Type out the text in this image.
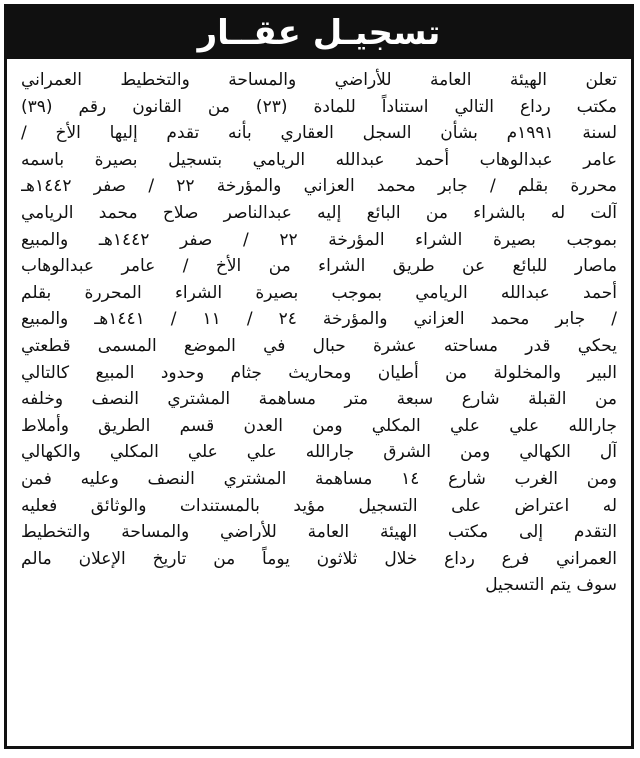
تسجيـل عقــار
تعلن الهيئة العامة للأراضي والمساحة والتخطيط العمراني
مكتب رداع التالي استناداً للمادة (٢٣) من القانون رقم (٣٩)
لسنة ١٩٩١م بشأن السجل العقاري بأنه تقدم إليها الأخ /
عامر عبدالوهاب أحمد عبدالله الريامي بتسجيل بصيرة باسمه
محررة بقلم / جابر محمد العزاني والمؤرخة ٢٢ / صفر ١٤٤٢هـ
آلت له بالشراء من البائع إليه عبدالناصر صلاح محمد الريامي
بموجب بصيرة الشراء المؤرخة ٢٢ / صفر ١٤٤٢هـ والمبيع
ماصار للبائع عن طريق الشراء من الأخ / عامر عبدالوهاب
أحمد عبدالله الريامي بموجب بصيرة الشراء المحررة بقلم
/ جابر محمد العزاني والمؤرخة ٢٤ / ١١ / ١٤٤١هـ والمبيع
يحكي قدر مساحته عشرة حبال في الموضع المسمى قطعتي
البير والمخلولة من أطيان ومحاريث جثام وحدود المبيع كالتالي
من القبلة شارع سبعة متر مساهمة المشتري النصف وخلفه
جارالله علي علي المكلي ومن العدن قسم الطريق وأملاط
آل الكهالي ومن الشرق جارالله علي علي المكلي والكهالي
ومن الغرب شارع ١٤ مساهمة المشتري النصف وعليه فمن
له اعتراض على التسجيل مؤيد بالمستندات والوثائق فعليه
التقدم إلى مكتب الهيئة العامة للأراضي والمساحة والتخطيط
العمراني فرع رداع خلال ثلاثون يوماً من تاريخ الإعلان مالم
سوف يتم التسجيل
